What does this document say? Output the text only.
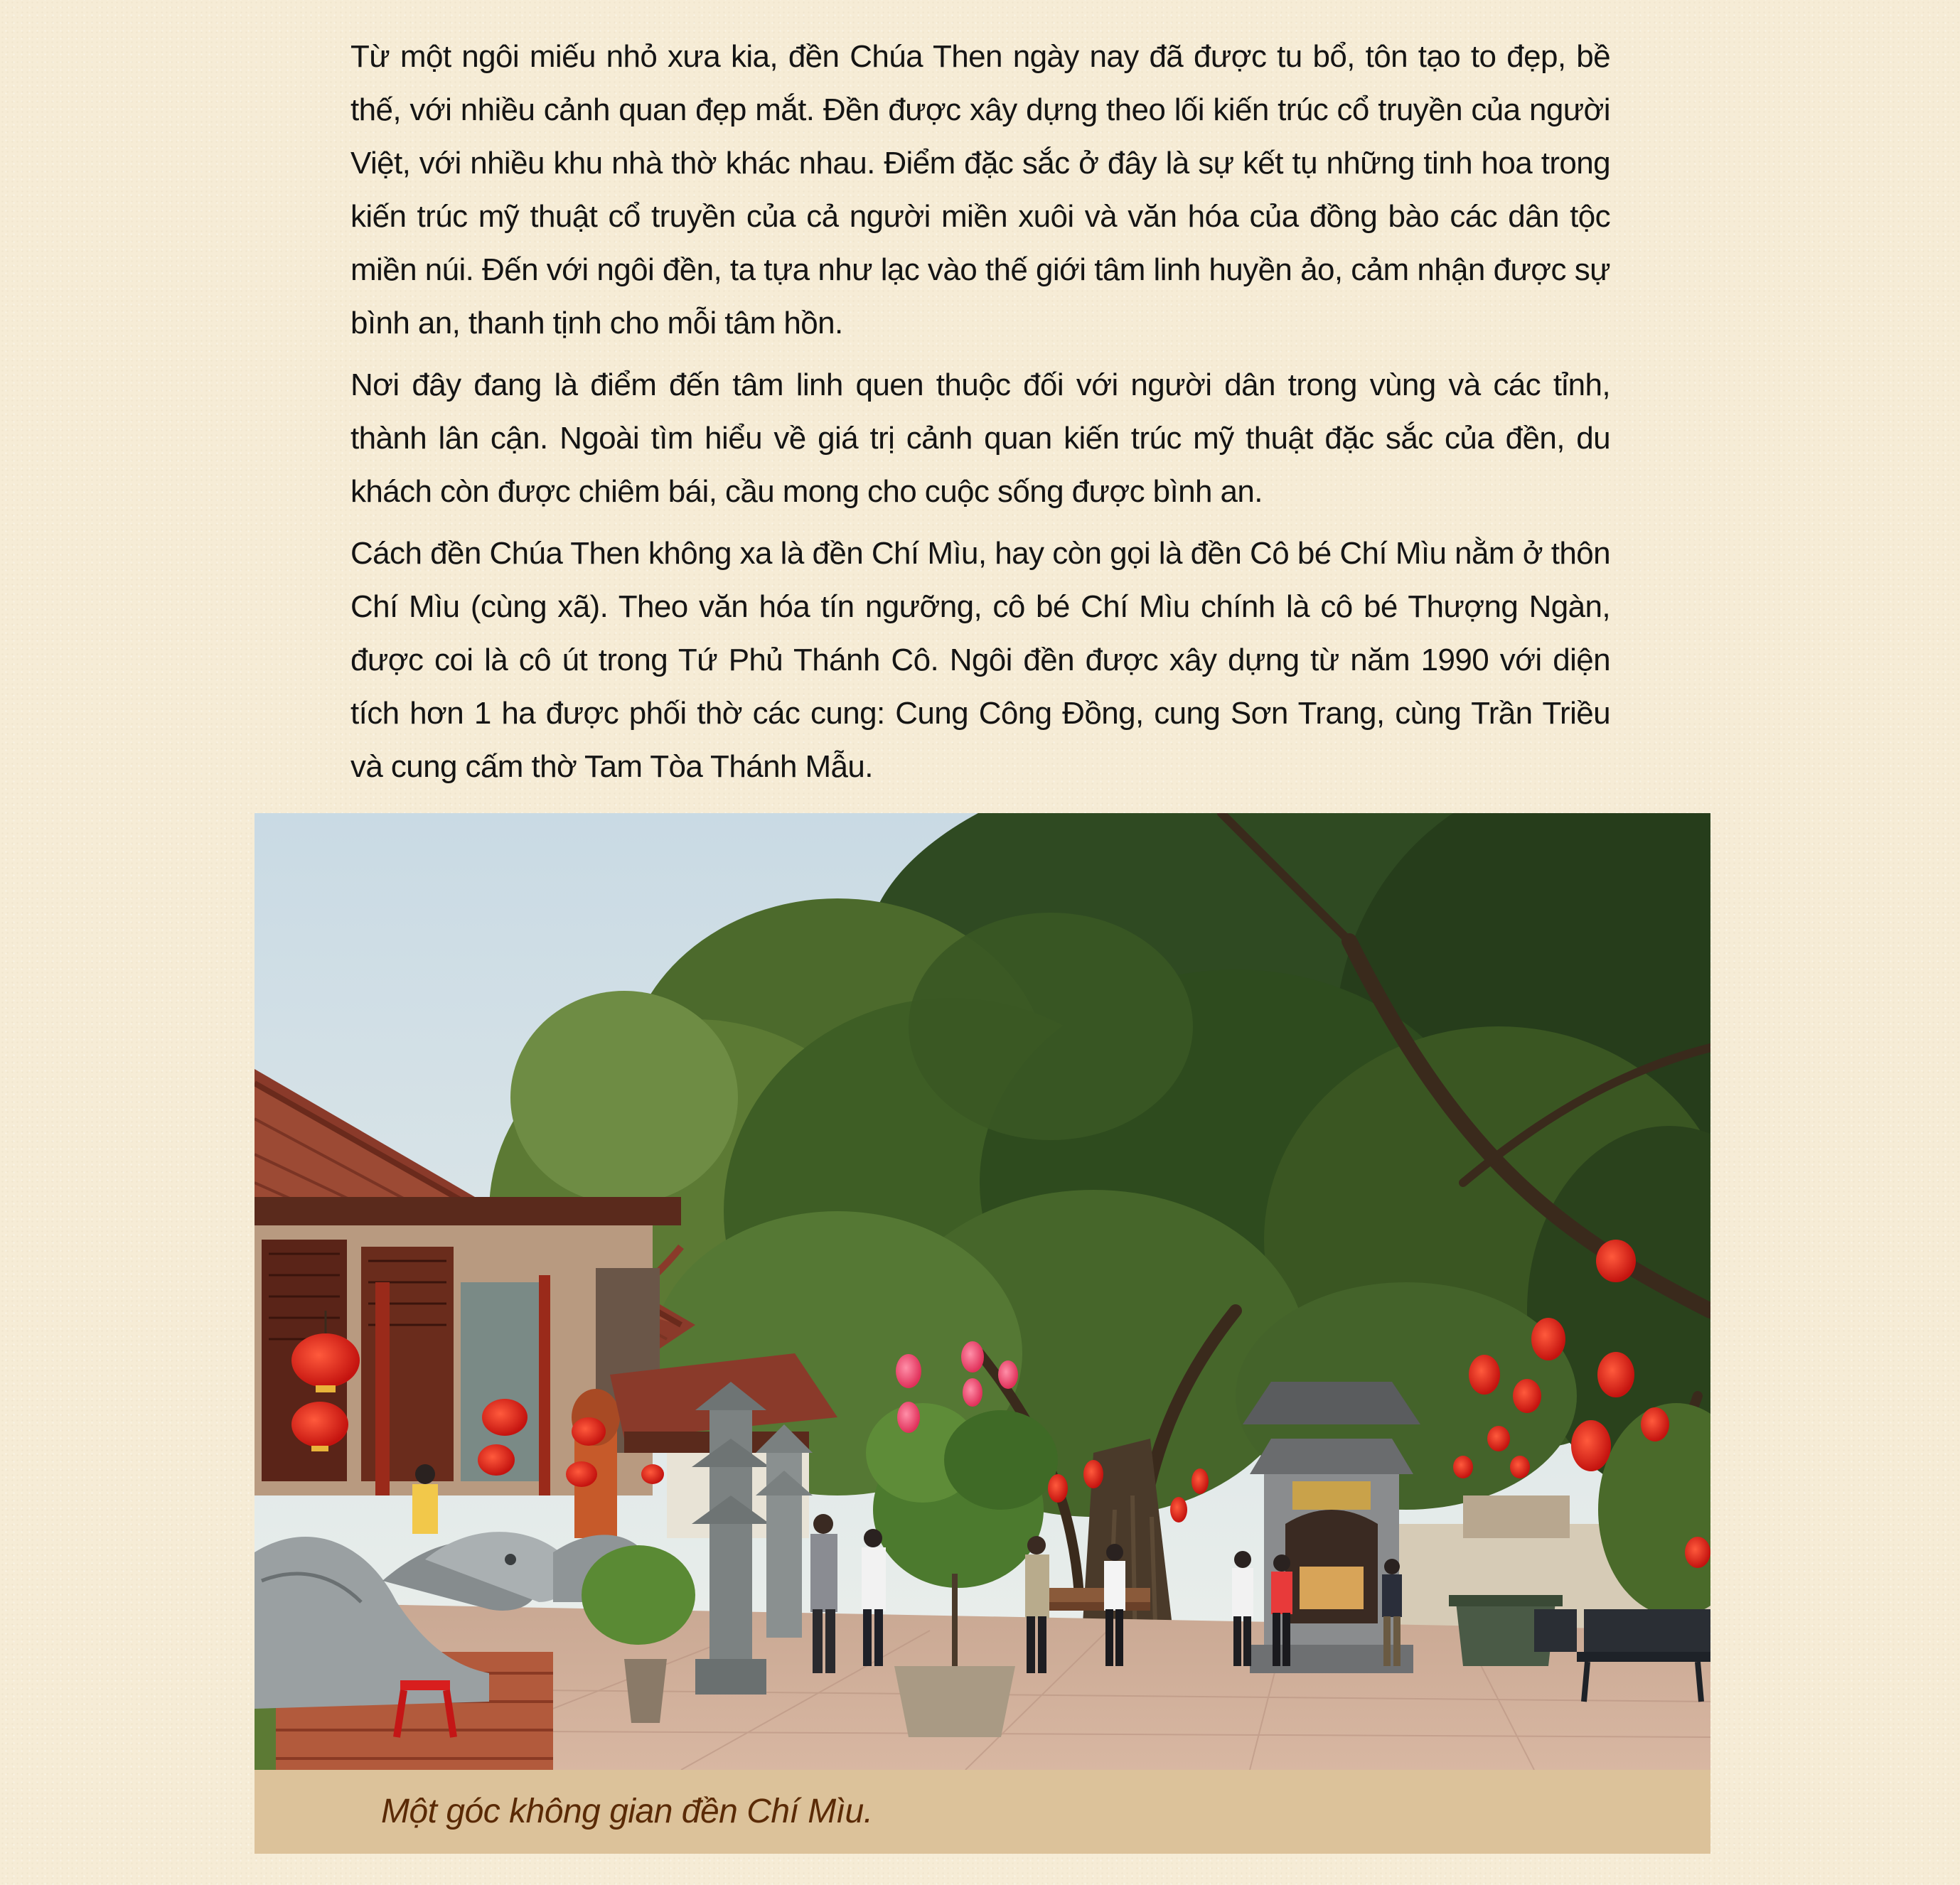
Từ một ngôi miếu nhỏ xưa kia, đền Chúa Then ngày nay đã được tu bổ, tôn tạo to đẹp, bề thế, với nhiều cảnh quan đẹp mắt. Đền được xây dựng theo lối kiến trúc cổ truyền của người Việt, với nhiều khu nhà thờ khác nhau. Điểm đặc sắc ở đây là sự kết tụ những tinh hoa trong kiến trúc mỹ thuật cổ truyền của cả người miền xuôi và văn hóa của đồng bào các dân tộc miền núi. Đến với ngôi đền, ta tựa như lạc vào thế giới tâm linh huyền ảo, cảm nhận được sự bình an, thanh tịnh cho mỗi tâm hồn.

Nơi đây đang là điểm đến tâm linh quen thuộc đối với người dân trong vùng và các tỉnh, thành lân cận. Ngoài tìm hiểu về giá trị cảnh quan kiến trúc mỹ thuật đặc sắc của đền, du khách còn được chiêm bái, cầu mong cho cuộc sống được bình an.

Cách đền Chúa Then không xa là đền Chí Mìu, hay còn gọi là đền Cô bé Chí Mìu nằm ở thôn Chí Mìu (cùng xã). Theo văn hóa tín ngưỡng, cô bé Chí Mìu chính là cô bé Thượng Ngàn, được coi là cô út trong Tứ Phủ Thánh Cô. Ngôi đền được xây dựng từ năm 1990 với diện tích hơn 1 ha được phối thờ các cung: Cung Công Đồng, cung Sơn Trang, cùng Trần Triều và cung cấm thờ Tam Tòa Thánh Mẫu.

Một góc không gian đền Chí Mìu.
